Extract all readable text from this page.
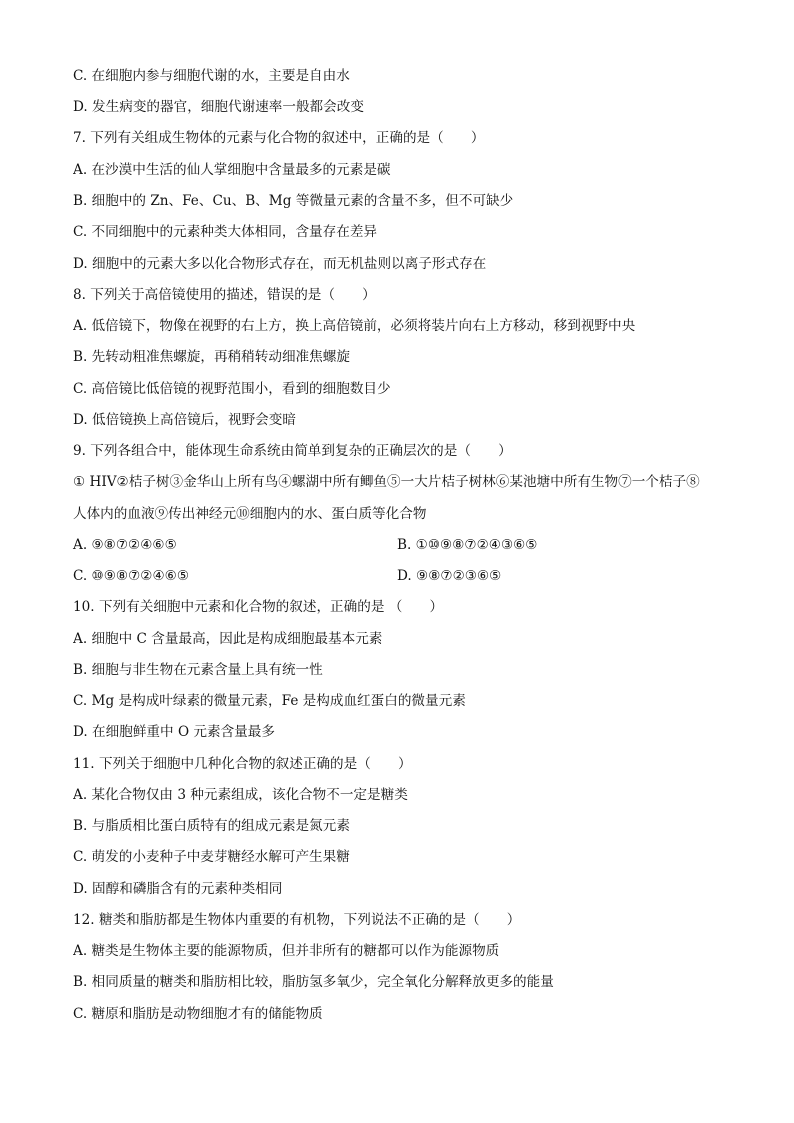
C. 在细胞内参与细胞代谢的水，主要是自由水
D. 发生病变的器官，细胞代谢速率一般都会改变
7. 下列有关组成生物体的元素与化合物的叙述中，正确的是（　　）
A. 在沙漠中生活的仙人掌细胞中含量最多的元素是碳
B. 细胞中的 Zn、Fe、Cu、B、Mg 等微量元素的含量不多，但不可缺少
C. 不同细胞中的元素种类大体相同，含量存在差异
D. 细胞中的元素大多以化合物形式存在，而无机盐则以离子形式存在
8. 下列关于高倍镜使用的描述，错误的是（　　）
A. 低倍镜下，物像在视野的右上方，换上高倍镜前，必须将装片向右上方移动，移到视野中央
B. 先转动粗准焦螺旋，再稍稍转动细准焦螺旋
C. 高倍镜比低倍镜的视野范围小，看到的细胞数目少
D. 低倍镜换上高倍镜后，视野会变暗
9. 下列各组合中，能体现生命系统由简单到复杂的正确层次的是（　　）
① HIV②桔子树③金华山上所有鸟④螺湖中所有鲫鱼⑤一大片桔子树林⑥某池塘中所有生物⑦一个桔子⑧
人体内的血液⑨传出神经元⑩细胞内的水、蛋白质等化合物
A. ⑨⑧⑦②④⑥⑤	B. ①⑩⑨⑧⑦②④③⑥⑤
C. ⑩⑨⑧⑦②④⑥⑤	D. ⑨⑧⑦②③⑥⑤
10. 下列有关细胞中元素和化合物的叙述，正确的是 （　　）
A. 细胞中 C 含量最高，因此是构成细胞最基本元素
B. 细胞与非生物在元素含量上具有统一性
C. Mg 是构成叶绿素的微量元素，Fe 是构成血红蛋白的微量元素
D. 在细胞鲜重中 O 元素含量最多
11. 下列关于细胞中几种化合物的叙述正确的是（　　）
A. 某化合物仅由 3 种元素组成，该化合物不一定是糖类
B. 与脂质相比蛋白质特有的组成元素是氮元素
C. 萌发的小麦种子中麦芽糖经水解可产生果糖
D. 固醇和磷脂含有的元素种类相同
12. 糖类和脂肪都是生物体内重要的有机物，下列说法不正确的是（　　）
A. 糖类是生物体主要的能源物质，但并非所有的糖都可以作为能源物质
B. 相同质量的糖类和脂肪相比较，脂肪氢多氧少，完全氧化分解释放更多的能量
C. 糖原和脂肪是动物细胞才有的储能物质
